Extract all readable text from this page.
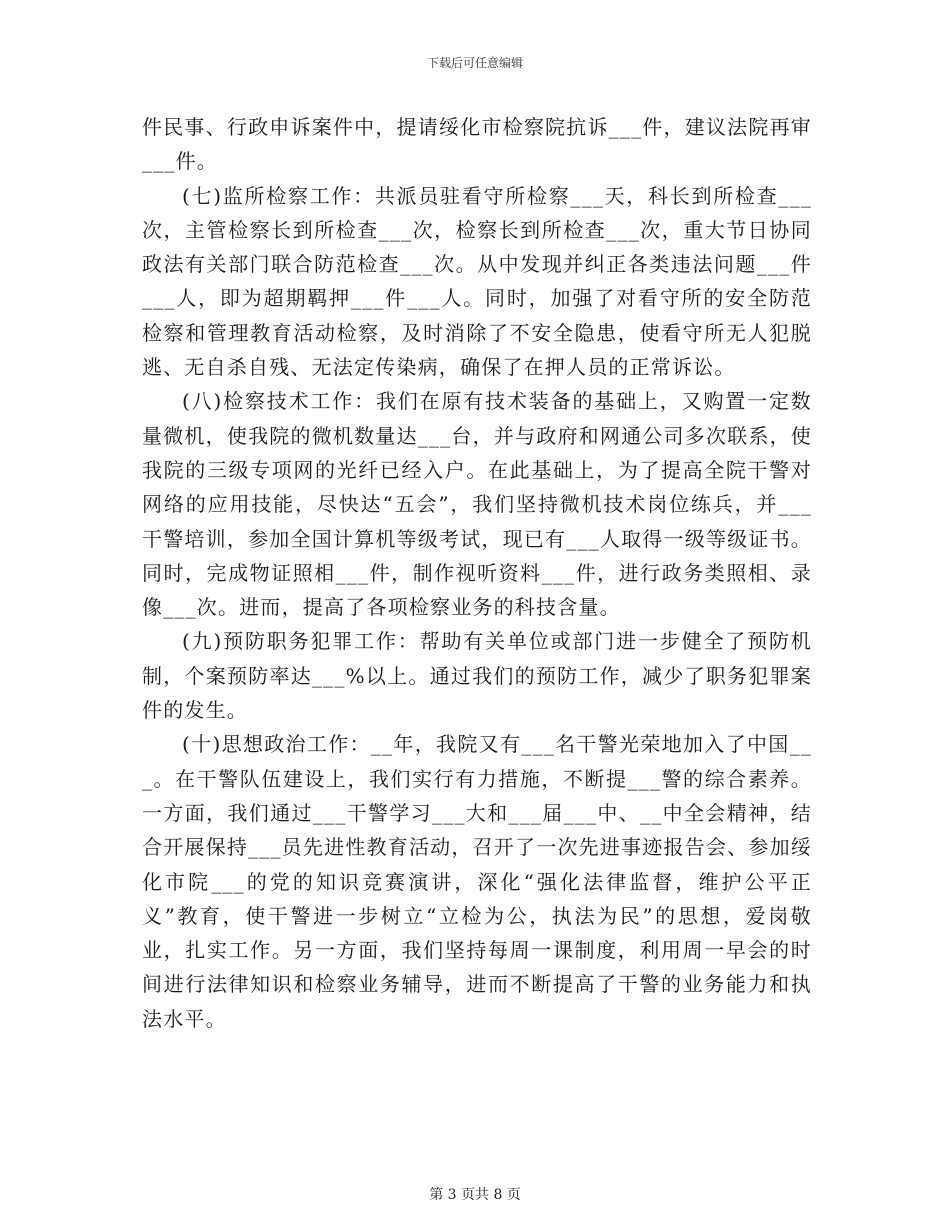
下载后可任意编辑

件民事、行政申诉案件中，提请绥化市检察院抗诉___件，建议法院再审___件。

(七)监所检察工作：共派员驻看守所检察___天，科长到所检查___次，主管检察长到所检查___次，检察长到所检查___次，重大节日协同政法有关部门联合防范检查___次。从中发现并纠正各类违法问题___件___人，即为超期羁押___件___人。同时，加强了对看守所的安全防范检察和管理教育活动检察，及时消除了不安全隐患，使看守所无人犯脱逃、无自杀自残、无法定传染病，确保了在押人员的正常诉讼。

(八)检察技术工作：我们在原有技术装备的基础上，又购置一定数量微机，使我院的微机数量达___台，并与政府和网通公司多次联系，使我院的三级专项网的光纤已经入户。在此基础上，为了提高全院干警对网络的应用技能，尽快达“五会”，我们坚持微机技术岗位练兵，并___干警培训，参加全国计算机等级考试，现已有___人取得一级等级证书。同时，完成物证照相___件，制作视听资料___件，进行政务类照相、录像___次。进而，提高了各项检察业务的科技含量。

(九)预防职务犯罪工作：帮助有关单位或部门进一步健全了预防机制，个案预防率达___%以上。通过我们的预防工作，减少了职务犯罪案件的发生。

(十)思想政治工作：__年，我院又有___名干警光荣地加入了中国___。在干警队伍建设上，我们实行有力措施，不断提___警的综合素养。一方面，我们通过___干警学习___大和___届___中、__中全会精神，结合开展保持___员先进性教育活动，召开了一次先进事迹报告会、参加绥化市院___的党的知识竞赛演讲，深化“强化法律监督，维护公平正义”教育，使干警进一步树立“立检为公，执法为民”的思想，爱岗敬业，扎实工作。另一方面，我们坚持每周一课制度，利用周一早会的时间进行法律知识和检察业务辅导，进而不断提高了干警的业务能力和执法水平。

第 3 页共 8 页
